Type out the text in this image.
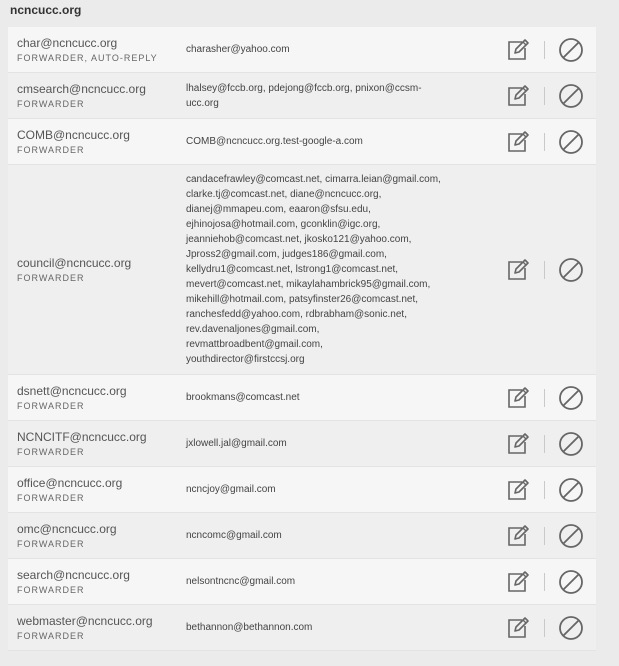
ncncucc.org
char@ncncucc.org
FORWARDER, AUTO-REPLY
charasher@yahoo.com
cmsearch@ncncucc.org
FORWARDER
lhalsey@fccb.org, pdejong@fccb.org, pnixon@ccsm-
ucc.org
COMB@ncncucc.org
FORWARDER
COMB@ncncucc.org.test-google-a.com
council@ncncucc.org
FORWARDER
candacefrawley@comcast.net, cimarra.leian@gmail.com,
clarke.tj@comcast.net, diane@ncncucc.org,
dianej@mmapeu.com, eaaron@sfsu.edu,
ejhinojosa@hotmail.com, gconklin@igc.org,
jeanniehob@comcast.net, jkosko121@yahoo.com,
Jpross2@gmail.com, judges186@gmail.com,
kellydru1@comcast.net, lstrong1@comcast.net,
mevert@comcast.net, mikaylahambrick95@gmail.com,
mikehill@hotmail.com, patsyfinster26@comcast.net,
ranchesfedd@yahoo.com, rdbrabham@sonic.net,
rev.davenaljones@gmail.com,
revmattbroadbent@gmail.com,
youthdirector@firstccsj.org
dsnett@ncncucc.org
FORWARDER
brookmans@comcast.net
NCNCITF@ncncucc.org
FORWARDER
jxlowell.jal@gmail.com
office@ncncucc.org
FORWARDER
ncncjoy@gmail.com
omc@ncncucc.org
FORWARDER
ncncomc@gmail.com
search@ncncucc.org
FORWARDER
nelsontncnc@gmail.com
webmaster@ncncucc.org
FORWARDER
bethannon@bethannon.com
